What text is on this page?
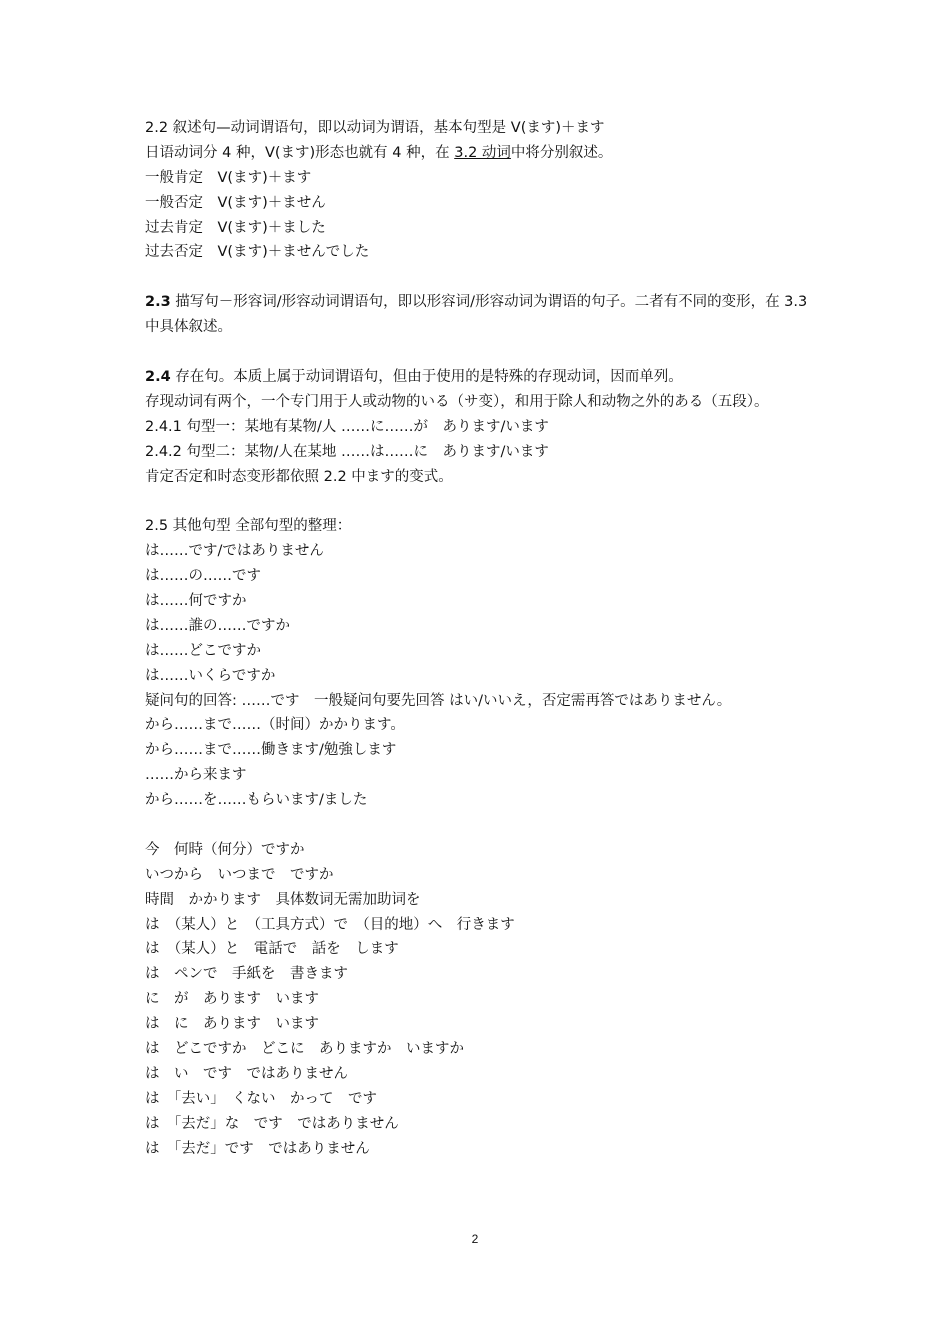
2.2 叙述句—动词谓语句，即以动词为谓语，基本句型是 V(ます)＋ます
日语动词分 4 种，V(ます)形态也就有 4 种，在 3.2 动词中将分别叙述。
一般肯定　V(ます)＋ます
一般否定　V(ます)＋ません
过去肯定　V(ます)＋ました
过去否定　V(ます)＋ませんでした
2.3 描写句－形容词/形容动词谓语句，即以形容词/形容动词为谓语的句子。二者有不同的变形，在 3.3 中具体叙述。
2.4 存在句。本质上属于动词谓语句，但由于使用的是特殊的存现动词，因而单列。
存现动词有两个，一个专门用于人或动物的いる（サ变），和用于除人和动物之外的ある（五段）。
2.4.1 句型一：某地有某物/人 ……に……が　あります/います
2.4.2 句型二：某物/人在某地 ……は……に　あります/います
肯定否定和时态变形都依照 2.2 中ます的变式。
2.5 其他句型 全部句型的整理：
は……です/ではありません
は……の……です
は……何ですか
は……誰の……ですか
は……どこですか
は……いくらですか
疑问句的回答: ……です　一般疑问句要先回答 はい/いいえ，否定需再答ではありません。
から……まで……（时间）かかります。
から……まで……働きます/勉強します
……から来ます
から……を……もらいます/ました
今　何時（何分）ですか
いつから　いつまで　ですか
時間　かかります　具体数词无需加助词を
は　（某人）と　（工具方式）で　（目的地）へ　行きます
は　（某人）と　電話で　話を　します
は　ペンで　手紙を　書きます
に　が　あります　います
は　に　あります　います
は　どこですか　どこに　ありますか　いますか
は　い　です　ではありません
は　「去い」　くない　かって　です
は　「去だ」な　です　ではありません
は　「去だ」です　ではありません
2
